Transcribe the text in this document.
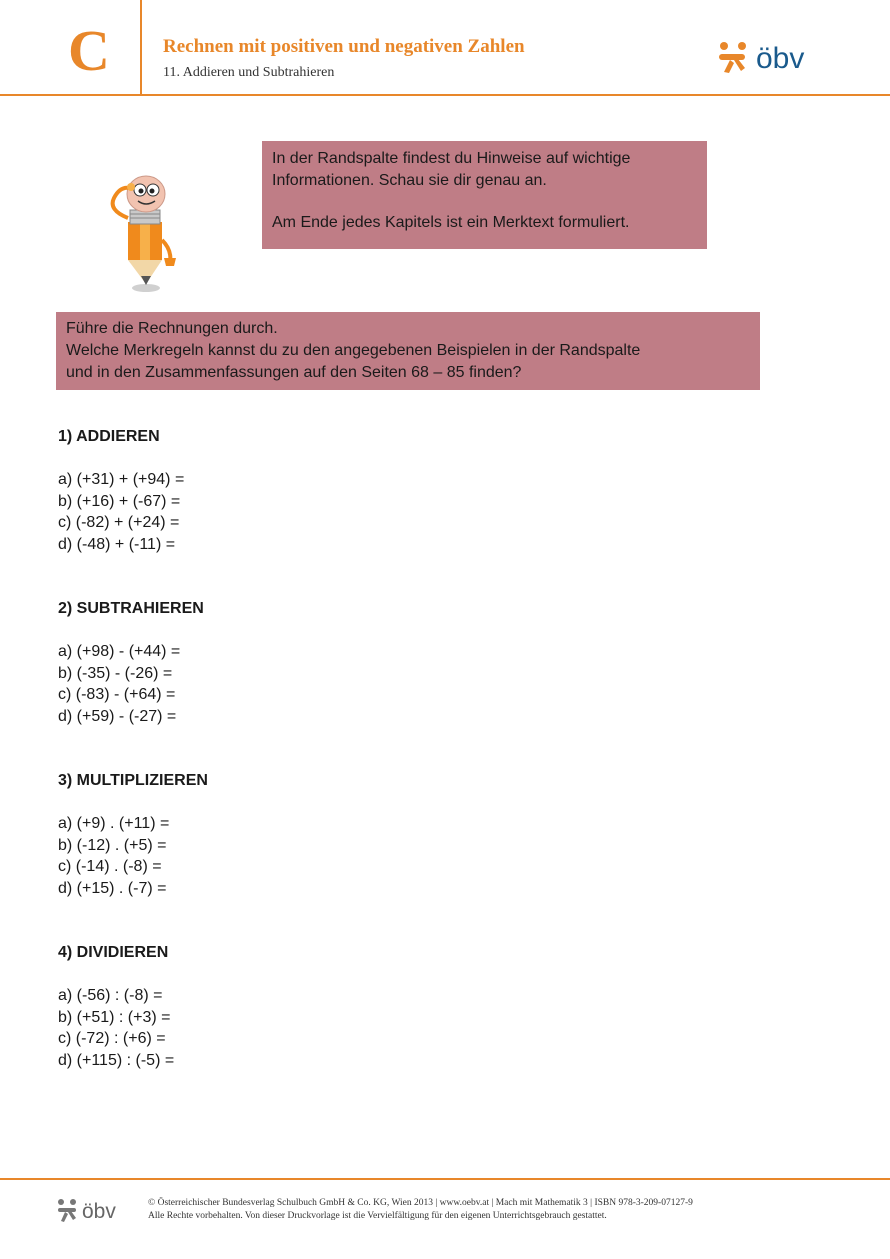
C	Rechnen mit positiven und negativen Zahlen
11. Addieren und Subtrahieren	öbv

In der Randspalte findest du Hinweise auf wichtige

Informationen. Schau sie dir genau an.

Am Ende jedes Kapitels ist ein Merktext formuliert.

Führe die Rechnungen durch.
Welche Merkregeln kannst du zu den angegebenen Beispielen in der Randspalte
und in den Zusammenfassungen auf den Seiten 68 – 85 finden?
1) ADDIEREN
a) (+31) + (+94) =
b) (+16) + (-67) =
c) (-82) + (+24) =
d) (-48) + (-11) =
2) SUBTRAHIEREN
a) (+98) - (+44) =
b) (-35) - (-26) =
c) (-83) - (+64) =
d) (+59) - (-27) =
3) MULTIPLIZIEREN
a) (+9) . (+11) =
b) (-12) . (+5) =
c) (-14) . (-8) =
d) (+15) . (-7) =
4) DIVIDIEREN
a) (-56) : (-8) =
b) (+51) : (+3) =
c) (-72) : (+6) =
d) (+115) : (-5) =
öbv	© Österreichischer Bundesverlag Schulbuch GmbH & Co. KG, Wien 2013 | www.oebv.at | Mach mit Mathematik 3 | ISBN 978-3-209-07127-9
Alle Rechte vorbehalten. Von dieser Druckvorlage ist die Vervielfältigung für den eigenen Unterrichtsgebrauch gestattet.
